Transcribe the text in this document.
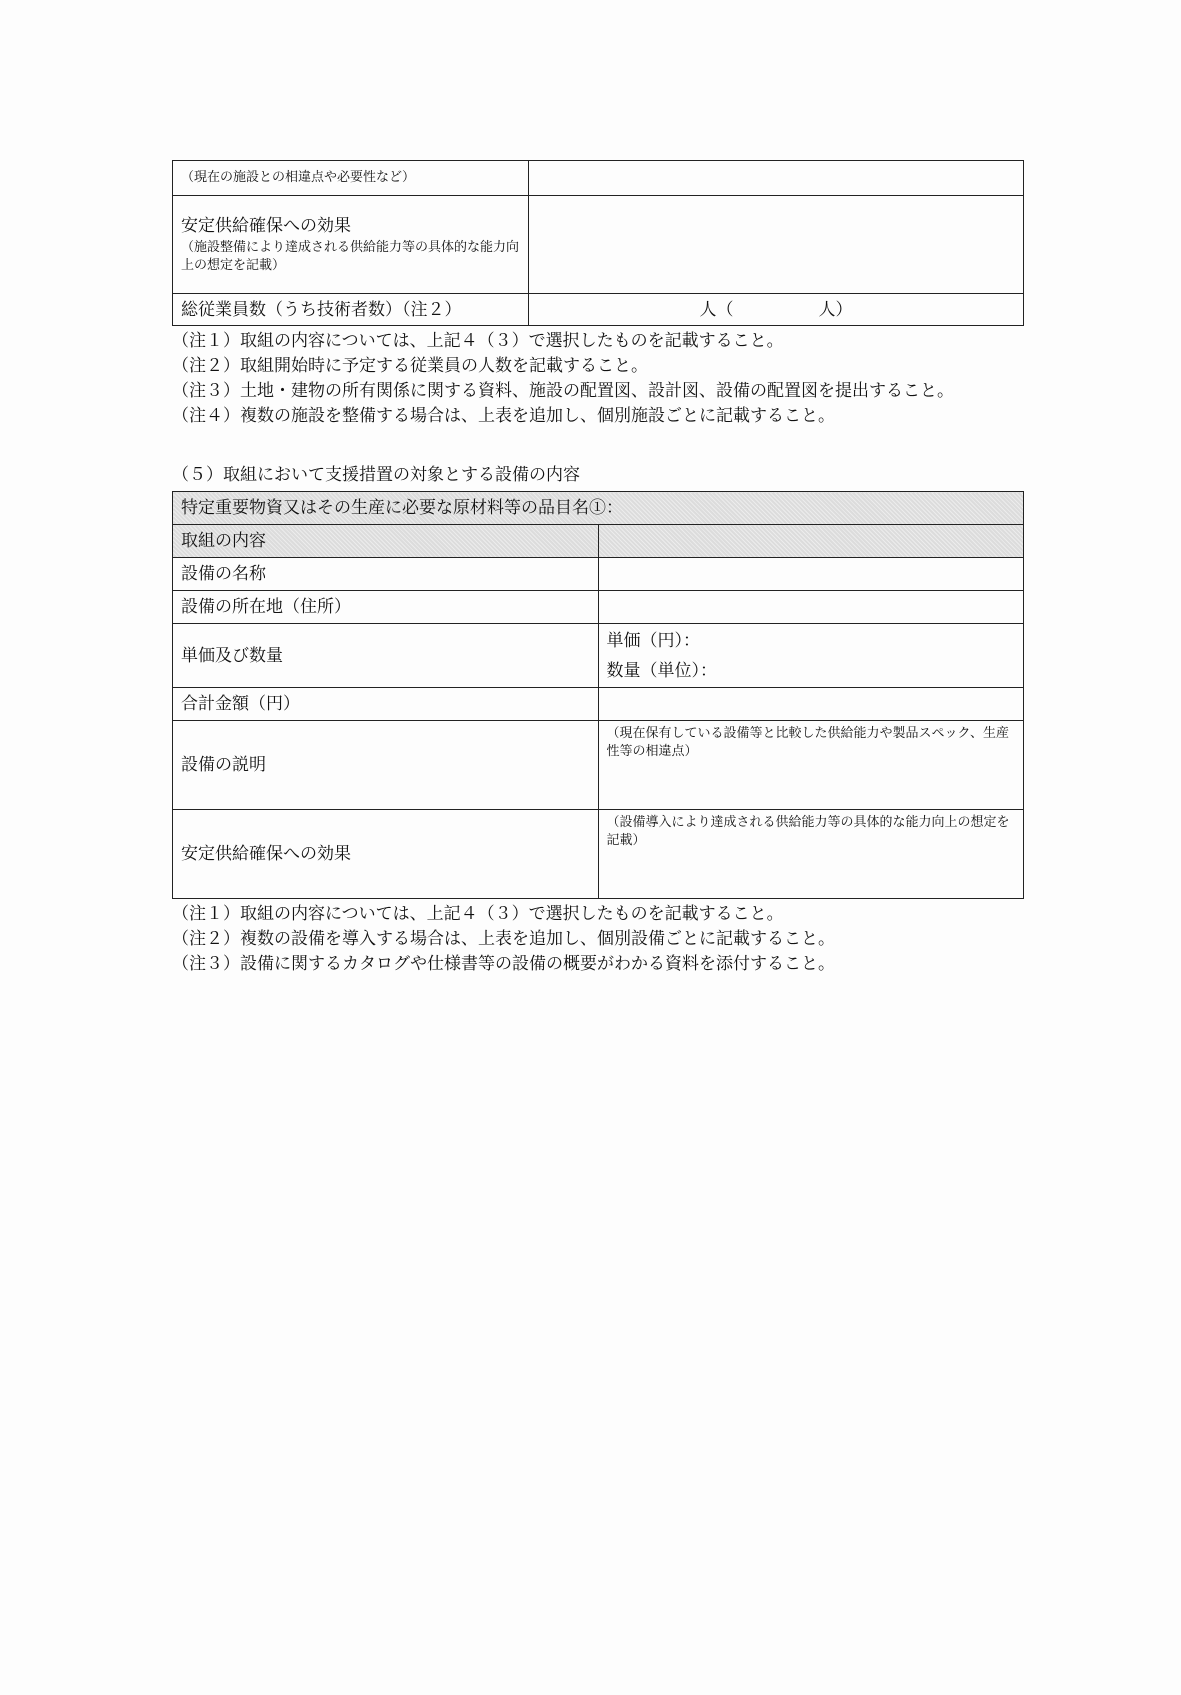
（現在の施設との相違点や必要性など）	

安定供給確保への効果
（施設整備により達成される供給能力等の具体的な能力向上の想定を記載）	

総従業員数（うち技術者数）（注２）	人（　　　　　人）

（注１）取組の内容については、上記４（３）で選択したものを記載すること。

（注２）取組開始時に予定する従業員の人数を記載すること。

（注３）土地・建物の所有関係に関する資料、施設の配置図、設計図、設備の配置図を提出すること。

（注４）複数の施設を整備する場合は、上表を追加し、個別施設ごとに記載すること。

（５）取組において支援措置の対象とする設備の内容
特定重要物資又はその生産に必要な原材料等の品目名①：	
取組の内容	
設備の名称	
設備の所在地（住所）	
単価及び数量	単価（円）：
数量（単位）：

合計金額（円）	
設備の説明	（現在保有している設備等と比較した供給能力や製品スペック、生産性等の相違点）
安定供給確保への効果	（設備導入により達成される供給能力等の具体的な能力向上の想定を記載）

（注１）取組の内容については、上記４（３）で選択したものを記載すること。

（注２）複数の設備を導入する場合は、上表を追加し、個別設備ごとに記載すること。

（注３）設備に関するカタログや仕様書等の設備の概要がわかる資料を添付すること。
